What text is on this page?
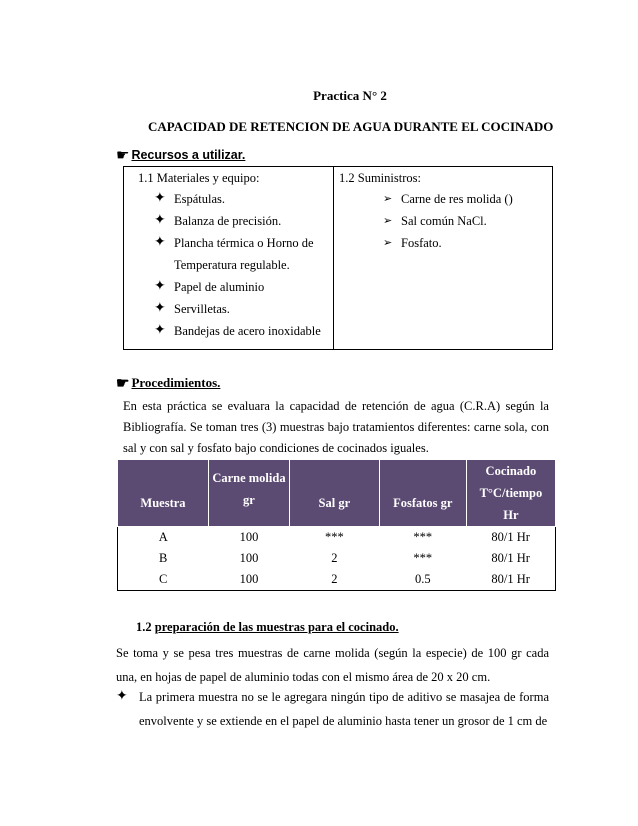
Practica N° 2
CAPACIDAD DE RETENCION DE AGUA DURANTE EL COCINADO
☛ Recursos a utilizar.
1.1 Materiales y equipo:
✦ Espátulas.
✦ Balanza de precisión.
✦ Plancha térmica o Horno de
Temperatura regulable.
✦ Papel de aluminio
✦ Servilletas.
✦ Bandejas de acero inoxidable
1.2 Suministros:
➢ Carne de res molida ()
➢ Sal común NaCl.
➢ Fosfato.
☛ Procedimientos.
En esta práctica se evaluara la capacidad de retención de agua (C.R.A) según la Bibliografía. Se toman tres (3) muestras bajo tratamientos diferentes: carne sola, con sal y con sal y fosfato bajo condiciones de cocinados iguales.
Muestra	Carne molida gr	Sal gr	Fosfatos gr	Cocinado T°C/tiempo Hr
A	100	***	***	80/1 Hr
B	100	2	***	80/1 Hr
C	100	2	0.5	80/1 Hr
1.2 preparación de las muestras para el cocinado.
Se toma y se pesa tres muestras de carne molida (según la especie) de 100 gr cada una, en hojas de papel de aluminio todas con el mismo área de 20 x 20 cm.
✦ La primera muestra no se le agregara ningún tipo de aditivo se masajea de forma envolvente y se extiende en el papel de aluminio hasta tener un grosor de 1 cm de
